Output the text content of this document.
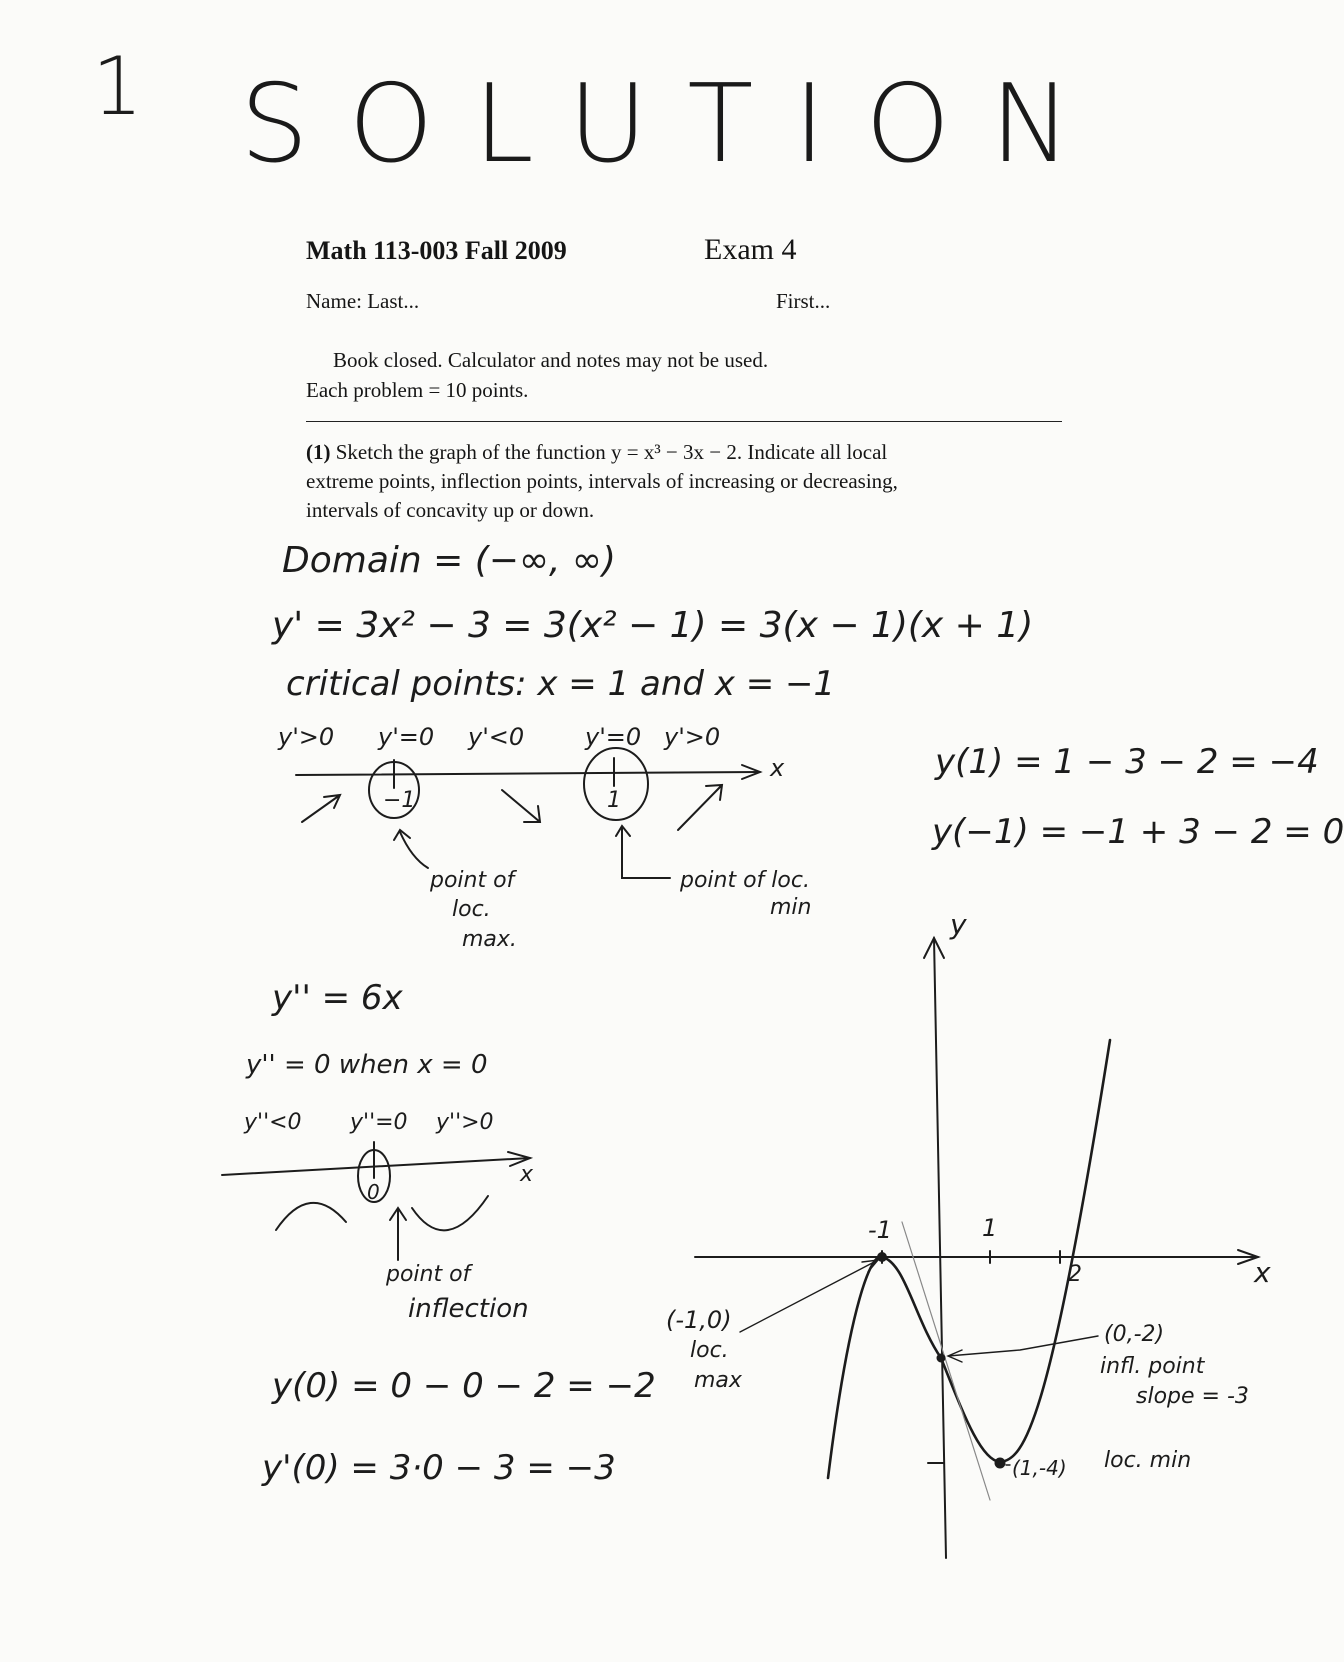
1 SOLUTION
Math 113-003 Fall 2009	Exam 4
Name: Last...	First...
Book closed. Calculator and notes may not be used.
Each problem = 10 points.
(1) Sketch the graph of the function y = x³ − 3x − 2. Indicate all local
extreme points, inflection points, intervals of increasing or decreasing,
intervals of concavity up or down.
Domain = (−∞, ∞)
y' = 3x² − 3 = 3(x² − 1) = 3(x − 1)(x + 1)
critical points: x = 1 and x = −1
y'>0 y'=0 y'<0	y'=0 y'>0
x
−1	1
point of
loc.
max.
point of loc.
min
y(1) = 1 − 3 − 2 = −4
y(−1) = −1 + 3 − 2 = 0
y'' = 6x
y'' = 0 when x = 0
y''<0 y''=0 y''>0
x
0
point of
inflection
y(0) = 0 − 0 − 2 = −2
y'(0) = 3·0 − 3 = −3
y
x
-1	1
2
(-1,0)
loc.
max
(0,-2)
infl. point
slope = -3
(1,-4) loc. min
